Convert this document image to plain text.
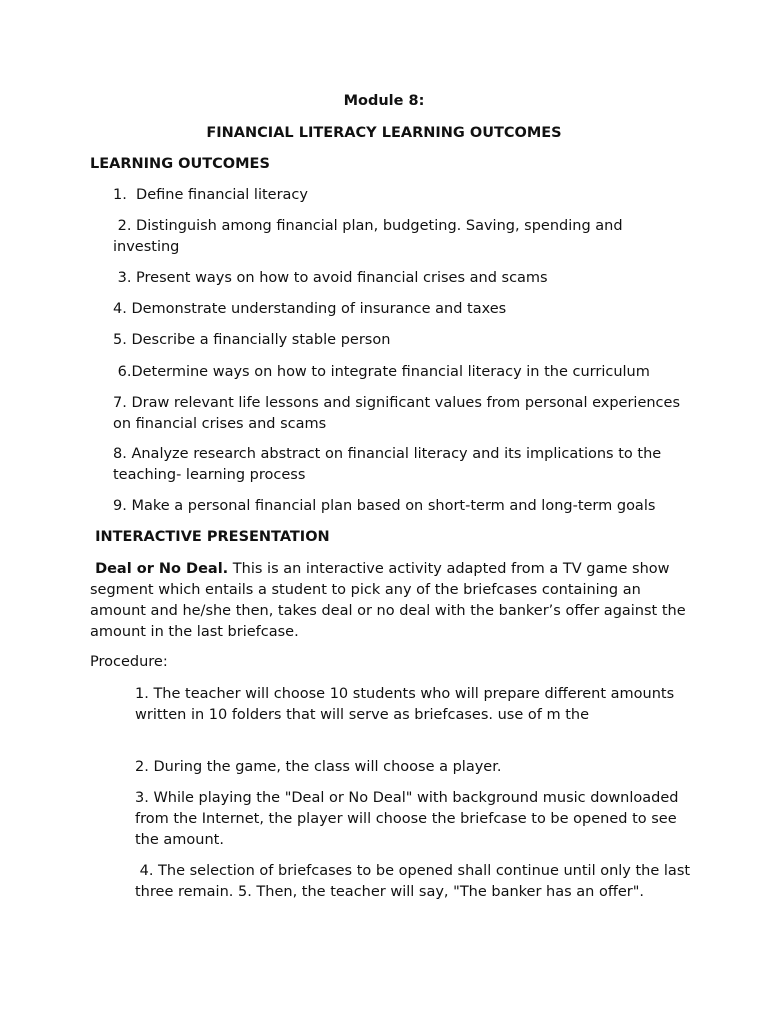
Module 8:

FINANCIAL LITERACY LEARNING OUTCOMES

LEARNING OUTCOMES

1.  Define financial literacy

2. Distinguish among financial plan, budgeting. Saving, spending and investing

3. Present ways on how to avoid financial crises and scams

4. Demonstrate understanding of insurance and taxes

5. Describe a financially stable person

6.Determine ways on how to integrate financial literacy in the curriculum

7. Draw relevant life lessons and significant values from personal experiences on financial crises and scams

8. Analyze research abstract on financial literacy and its implications to the teaching- learning process

9. Make a personal financial plan based on short-term and long-term goals

INTERACTIVE PRESENTATION

Deal or No Deal. This is an interactive activity adapted from a TV game show segment which entails a student to pick any of the briefcases containing an amount and he/she then, takes deal or no deal with the banker’s offer against the amount in the last briefcase.

Procedure:

1. The teacher will choose 10 students who will prepare different amounts written in 10 folders that will serve as briefcases. use of m the

2. During the game, the class will choose a player.

3. While playing the "Deal or No Deal" with background music downloaded from the Internet, the player will choose the briefcase to be opened to see the amount.

4. The selection of briefcases to be opened shall continue until only the last three remain. 5. Then, the teacher will say, "The banker has an offer".
